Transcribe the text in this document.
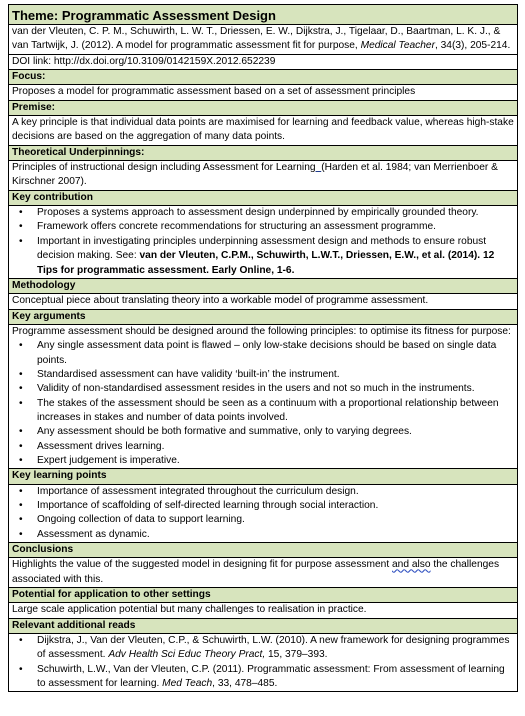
Theme: Programmatic Assessment Design

van der Vleuten, C. P. M., Schuwirth, L. W. T., Driessen, E. W., Dijkstra, J., Tigelaar, D., Baartman, L. K. J., & van Tartwijk, J. (2012). A model for programmatic assessment fit for purpose, Medical Teacher, 34(3), 205-214.

DOI link: http://dx.doi.org/10.3109/0142159X.2012.652239

Focus:
Proposes a model for programmatic assessment based on a set of assessment principles
Premise:
A key principle is that individual data points are maximised for learning and feedback value, whereas high-stake decisions are based on the aggregation of many data points.
Theoretical Underpinnings:
Principles of instructional design including Assessment for Learning (Harden et al. 1984; van Merrienboer & Kirschner 2007).
Key contribution
• Proposes a systems approach to assessment design underpinned by empirically grounded theory.
• Framework offers concrete recommendations for structuring an assessment programme.
• Important in investigating principles underpinning assessment design and methods to ensure robust decision making. See: van der Vleuten, C.P.M., Schuwirth, L.W.T., Driessen, E.W., et al. (2014). 12 Tips for programmatic assessment. Early Online, 1-6.
Methodology
Conceptual piece about translating theory into a workable model of programme assessment.
Key arguments

Programme assessment should be designed around the following principles: to optimise its fitness for purpose:

• Any single assessment data point is flawed – only low-stake decisions should be based on single data points.
• Standardised assessment can have validity ‘built-in’ the instrument.
• Validity of non-standardised assessment resides in the users and not so much in the instruments.
• The stakes of the assessment should be seen as a continuum with a proportional relationship between increases in stakes and number of data points involved.
• Any assessment should be both formative and summative, only to varying degrees.
• Assessment drives learning.
• Expert judgement is imperative.
Key learning points
• Importance of assessment integrated throughout the curriculum design.
• Importance of scaffolding of self-directed learning through social interaction.
• Ongoing collection of data to support learning.
• Assessment as dynamic.
Conclusions
Highlights the value of the suggested model in designing fit for purpose assessment and also the challenges associated with this.
Potential for application to other settings
Large scale application potential but many challenges to realisation in practice.
Relevant additional reads
• Dijkstra, J., Van der Vleuten, C.P., & Schuwirth, L.W. (2010). A new framework for designing programmes of assessment. Adv Health Sci Educ Theory Pract, 15, 379–393.
• Schuwirth, L.W., Van der Vleuten, C.P. (2011). Programmatic assessment: From assessment of learning to assessment for learning. Med Teach, 33, 478–485.
